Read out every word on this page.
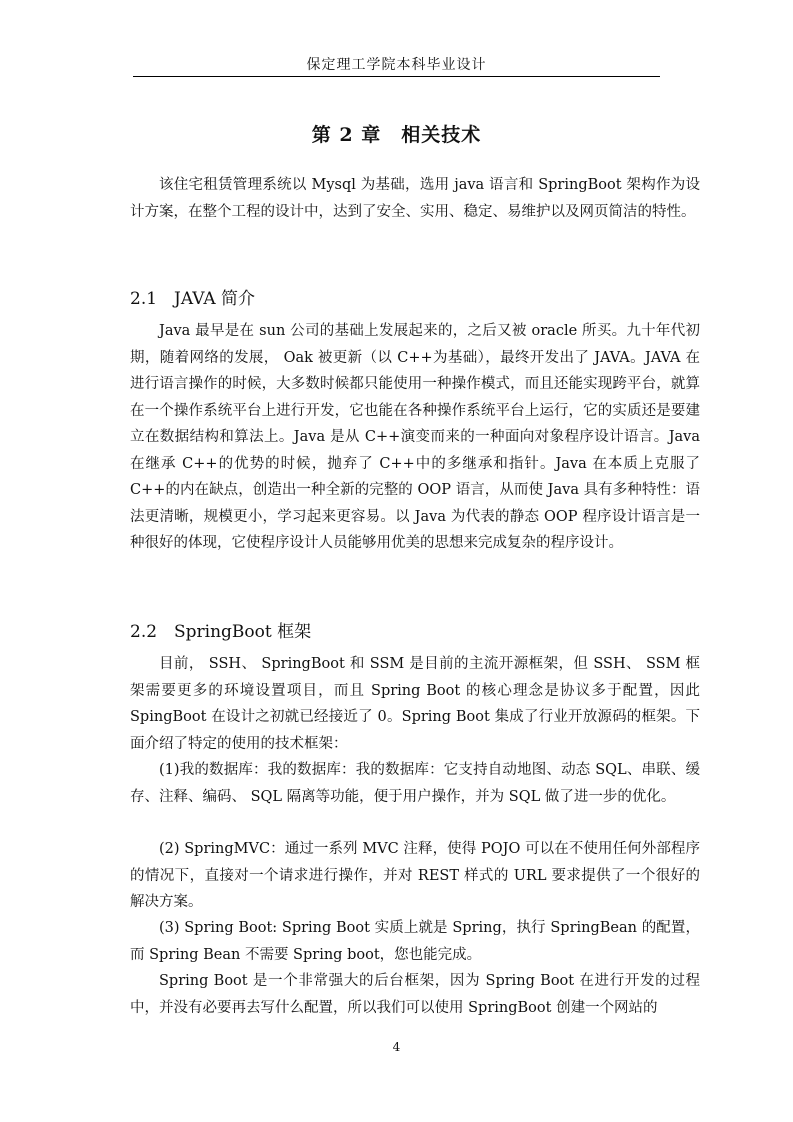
保定理工学院本科毕业设计
第 2 章　相关技术

该住宅租赁管理系统以 Mysql 为基础，选用 java 语言和 SpringBoot 架构作为设计方案，在整个工程的设计中，达到了安全、实用、稳定、易维护以及网页简洁的特性。

2.1 JAVA 简介

Java 最早是在 sun 公司的基础上发展起来的，之后又被 oracle 所买。九十年代初期，随着网络的发展， Oak 被更新（以 C++为基础），最终开发出了 JAVA。JAVA 在进行语言操作的时候，大多数时候都只能使用一种操作模式，而且还能实现跨平台，就算在一个操作系统平台上进行开发，它也能在各种操作系统平台上运行，它的实质还是要建立在数据结构和算法上。Java 是从 C++演变而来的一种面向对象程序设计语言。Java 在继承 C++的优势的时候，抛弃了 C++中的多继承和指针。Java 在本质上克服了 C++的内在缺点，创造出一种全新的完整的 OOP 语言，从而使 Java 具有多种特性：语法更清晰，规模更小，学习起来更容易。以 Java 为代表的静态 OOP 程序设计语言是一种很好的体现，它使程序设计人员能够用优美的思想来完成复杂的程序设计。

2.2 SpringBoot 框架

目前， SSH、 SpringBoot 和 SSM 是目前的主流开源框架，但 SSH、 SSM 框架需要更多的环境设置项目，而且 Spring Boot 的核心理念是协议多于配置，因此 SpingBoot 在设计之初就已经接近了 0。Spring Boot 集成了行业开放源码的框架。下面介绍了特定的使用的技术框架：

(1)我的数据库：我的数据库：我的数据库：它支持自动地图、动态 SQL、串联、缓存、注释、编码、 SQL 隔离等功能，便于用户操作，并为 SQL 做了进一步的优化。

(2) SpringMVC：通过一系列 MVC 注释，使得 POJO 可以在不使用任何外部程序的情况下，直接对一个请求进行操作，并对 REST 样式的 URL 要求提供了一个很好的解决方案。

(3) Spring Boot: Spring Boot 实质上就是 Spring，执行 SpringBean 的配置，而 Spring Bean 不需要 Spring boot，您也能完成。

Spring Boot 是一个非常强大的后台框架，因为 Spring Boot 在进行开发的过程中，并没有必要再去写什么配置，所以我们可以使用 SpringBoot 创建一个网站的

4
